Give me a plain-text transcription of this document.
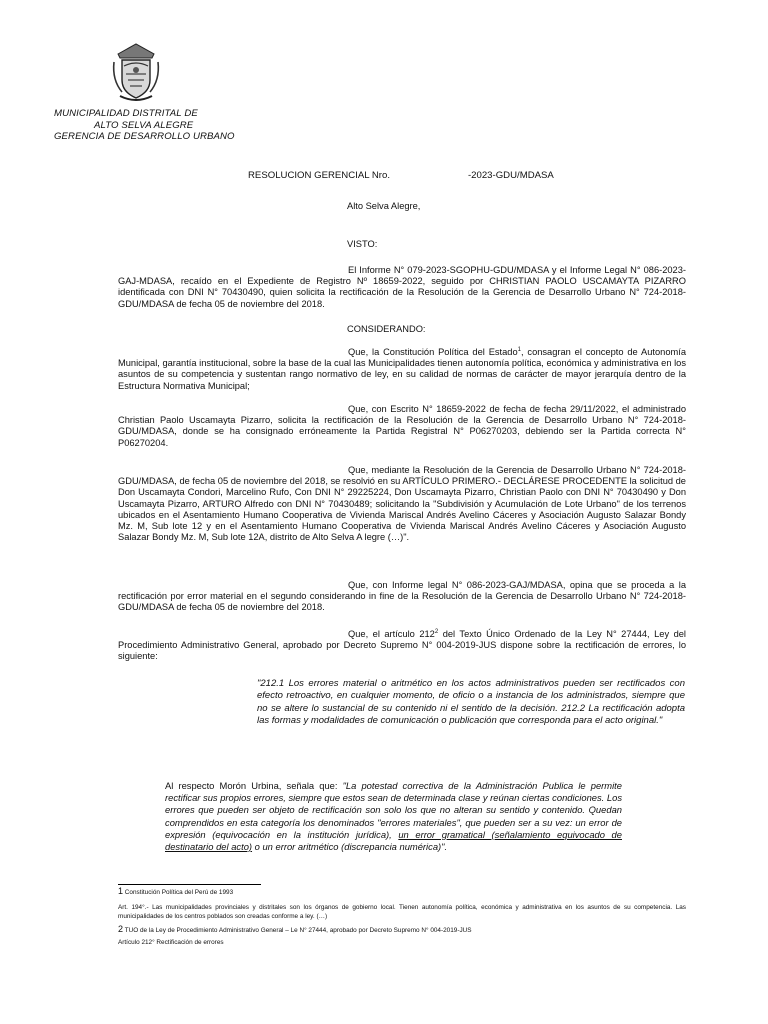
MUNICIPALIDAD DISTRITAL DE
ALTO SELVA ALEGRE
GERENCIA DE DESARROLLO URBANO
RESOLUCION GERENCIAL Nro.	-2023-GDU/MDASA
Alto Selva Alegre,
VISTO:
El Informe N° 079-2023-SGOPHU-GDU/MDASA y el Informe Legal N° 086-2023-GAJ-MDASA, recaído en el Expediente de Registro Nº 18659-2022, seguido por CHRISTIAN PAOLO USCAMAYTA PIZARRO identificada con DNI N° 70430490, quien solicita la rectificación de la Resolución de la Gerencia de Desarrollo Urbano N° 724-2018-GDU/MDASA de fecha 05 de noviembre del 2018.
CONSIDERANDO:
Que, la Constitución Política del Estado$^1$, consagran el concepto de Autonomía Municipal, garantía institucional, sobre la base de la cual las Municipalidades tienen autonomía política, económica y administrativa en los asuntos de su competencia y sustentan rango normativo de ley, en su calidad de normas de carácter de mayor jerarquía dentro de la Estructura Normativa Municipal;
Que, con Escrito N° 18659-2022 de fecha de fecha 29/11/2022, el administrado Christian Paolo Uscamayta Pizarro, solicita la rectificación de la Resolución de la Gerencia de Desarrollo Urbano N° 724-2018-GDU/MDASA, donde se ha consignado erróneamente la Partida Registral N° P06270203, debiendo ser la Partida correcta N° P06270204.
Que, mediante la Resolución de la Gerencia de Desarrollo Urbano N° 724-2018-GDU/MDASA, de fecha 05 de noviembre del 2018, se resolvió en su ARTÍCULO PRIMERO.- DECLÁRESE PROCEDENTE la solicitud de Don Uscamayta Condori, Marcelino Rufo, Con DNI N° 29225224, Don Uscamayta Pizarro, Christian Paolo con DNI N° 70430490 y Don Uscamayta Pizarro, ARTURO Alfredo con DNI N° 70430489; solicitando la "Subdivisión y Acumulación de Lote Urbano" de los terrenos ubicados en el Asentamiento Humano Cooperativa de Vivienda Mariscal Andrés Avelino Cáceres y Asociación Augusto Salazar Bondy Mz. M, Sub lote 12 y en el Asentamiento Humano Cooperativa de Vivienda Mariscal Andrés Avelino Cáceres y Asociación Augusto Salazar Bondy Mz. M, Sub lote 12A, distrito de Alto Selva A legre (…)".
Que, con Informe legal N° 086-2023-GAJ/MDASA, opina que se proceda a la rectificación por error material en el segundo considerando in fine de la Resolución de la Gerencia de Desarrollo Urbano N° 724-2018-GDU/MDASA de fecha 05 de noviembre del 2018.
Que, el artículo $212^2$ del Texto Único Ordenado de la Ley N° 27444, Ley del Procedimiento Administrativo General, aprobado por Decreto Supremo N° 004-2019-JUS dispone sobre la rectificación de errores, lo siguiente:
"212.1 Los errores material o aritmético en los actos administrativos pueden ser rectificados con efecto retroactivo, en cualquier momento, de oficio o a instancia de los administrados, siempre que no se altere lo sustancial de su contenido ni el sentido de la decisión. 212.2 La rectificación adopta las formas y modalidades de comunicación o publicación que corresponda para el acto original."
Al respecto Morón Urbina, señala que: "La potestad correctiva de la Administración Publica le permite rectificar sus propios errores, siempre que estos sean de determinada clase y reúnan ciertas condiciones. Los errores que pueden ser objeto de rectificación son solo los que no alteran su sentido y contenido. Quedan comprendidos en esta categoría los denominados "errores materiales", que pueden ser a su vez: un error de expresión (equivocación en la institución jurídica), un error gramatical (señalamiento equivocado de destinatario del acto) o un error aritmético (discrepancia numérica)".
1 Constitución Política del Perú de 1993
Art. 194°.- Las municipalidades provinciales y distritales son los órganos de gobierno local. Tienen autonomía política, económica y administrativa en los asuntos de su competencia. Las municipalidades de los centros poblados son creadas conforme a ley. (…)
2 TUO de la Ley de Procedimiento Administrativo General – Le N° 27444, aprobado por Decreto Supremo N° 004-2019-JUS
Artículo 212° Rectificación de errores
